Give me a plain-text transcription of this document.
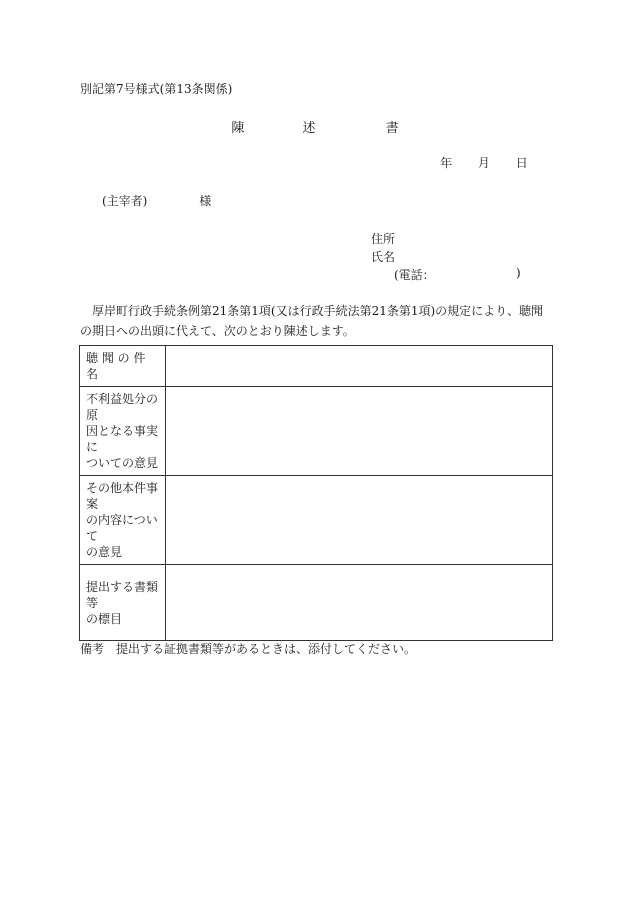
別記第7号様式(第13条関係)
陳	述	書
年 月 日
(主宰者)	様
住所
氏名
(電話：	)
厚岸町行政手続条例第21条第1項(又は行政手続法第21条第1項)の規定により、聴聞の期日への出頭に代えて、次のとおり陳述します。
聴 聞 の 件 名	
不利益処分の原
因となる事実に
ついての意見	
その他本件事案
の内容について
の意見	
提出する書類等
の標目	
備考　提出する証拠書類等があるときは、添付してください。
